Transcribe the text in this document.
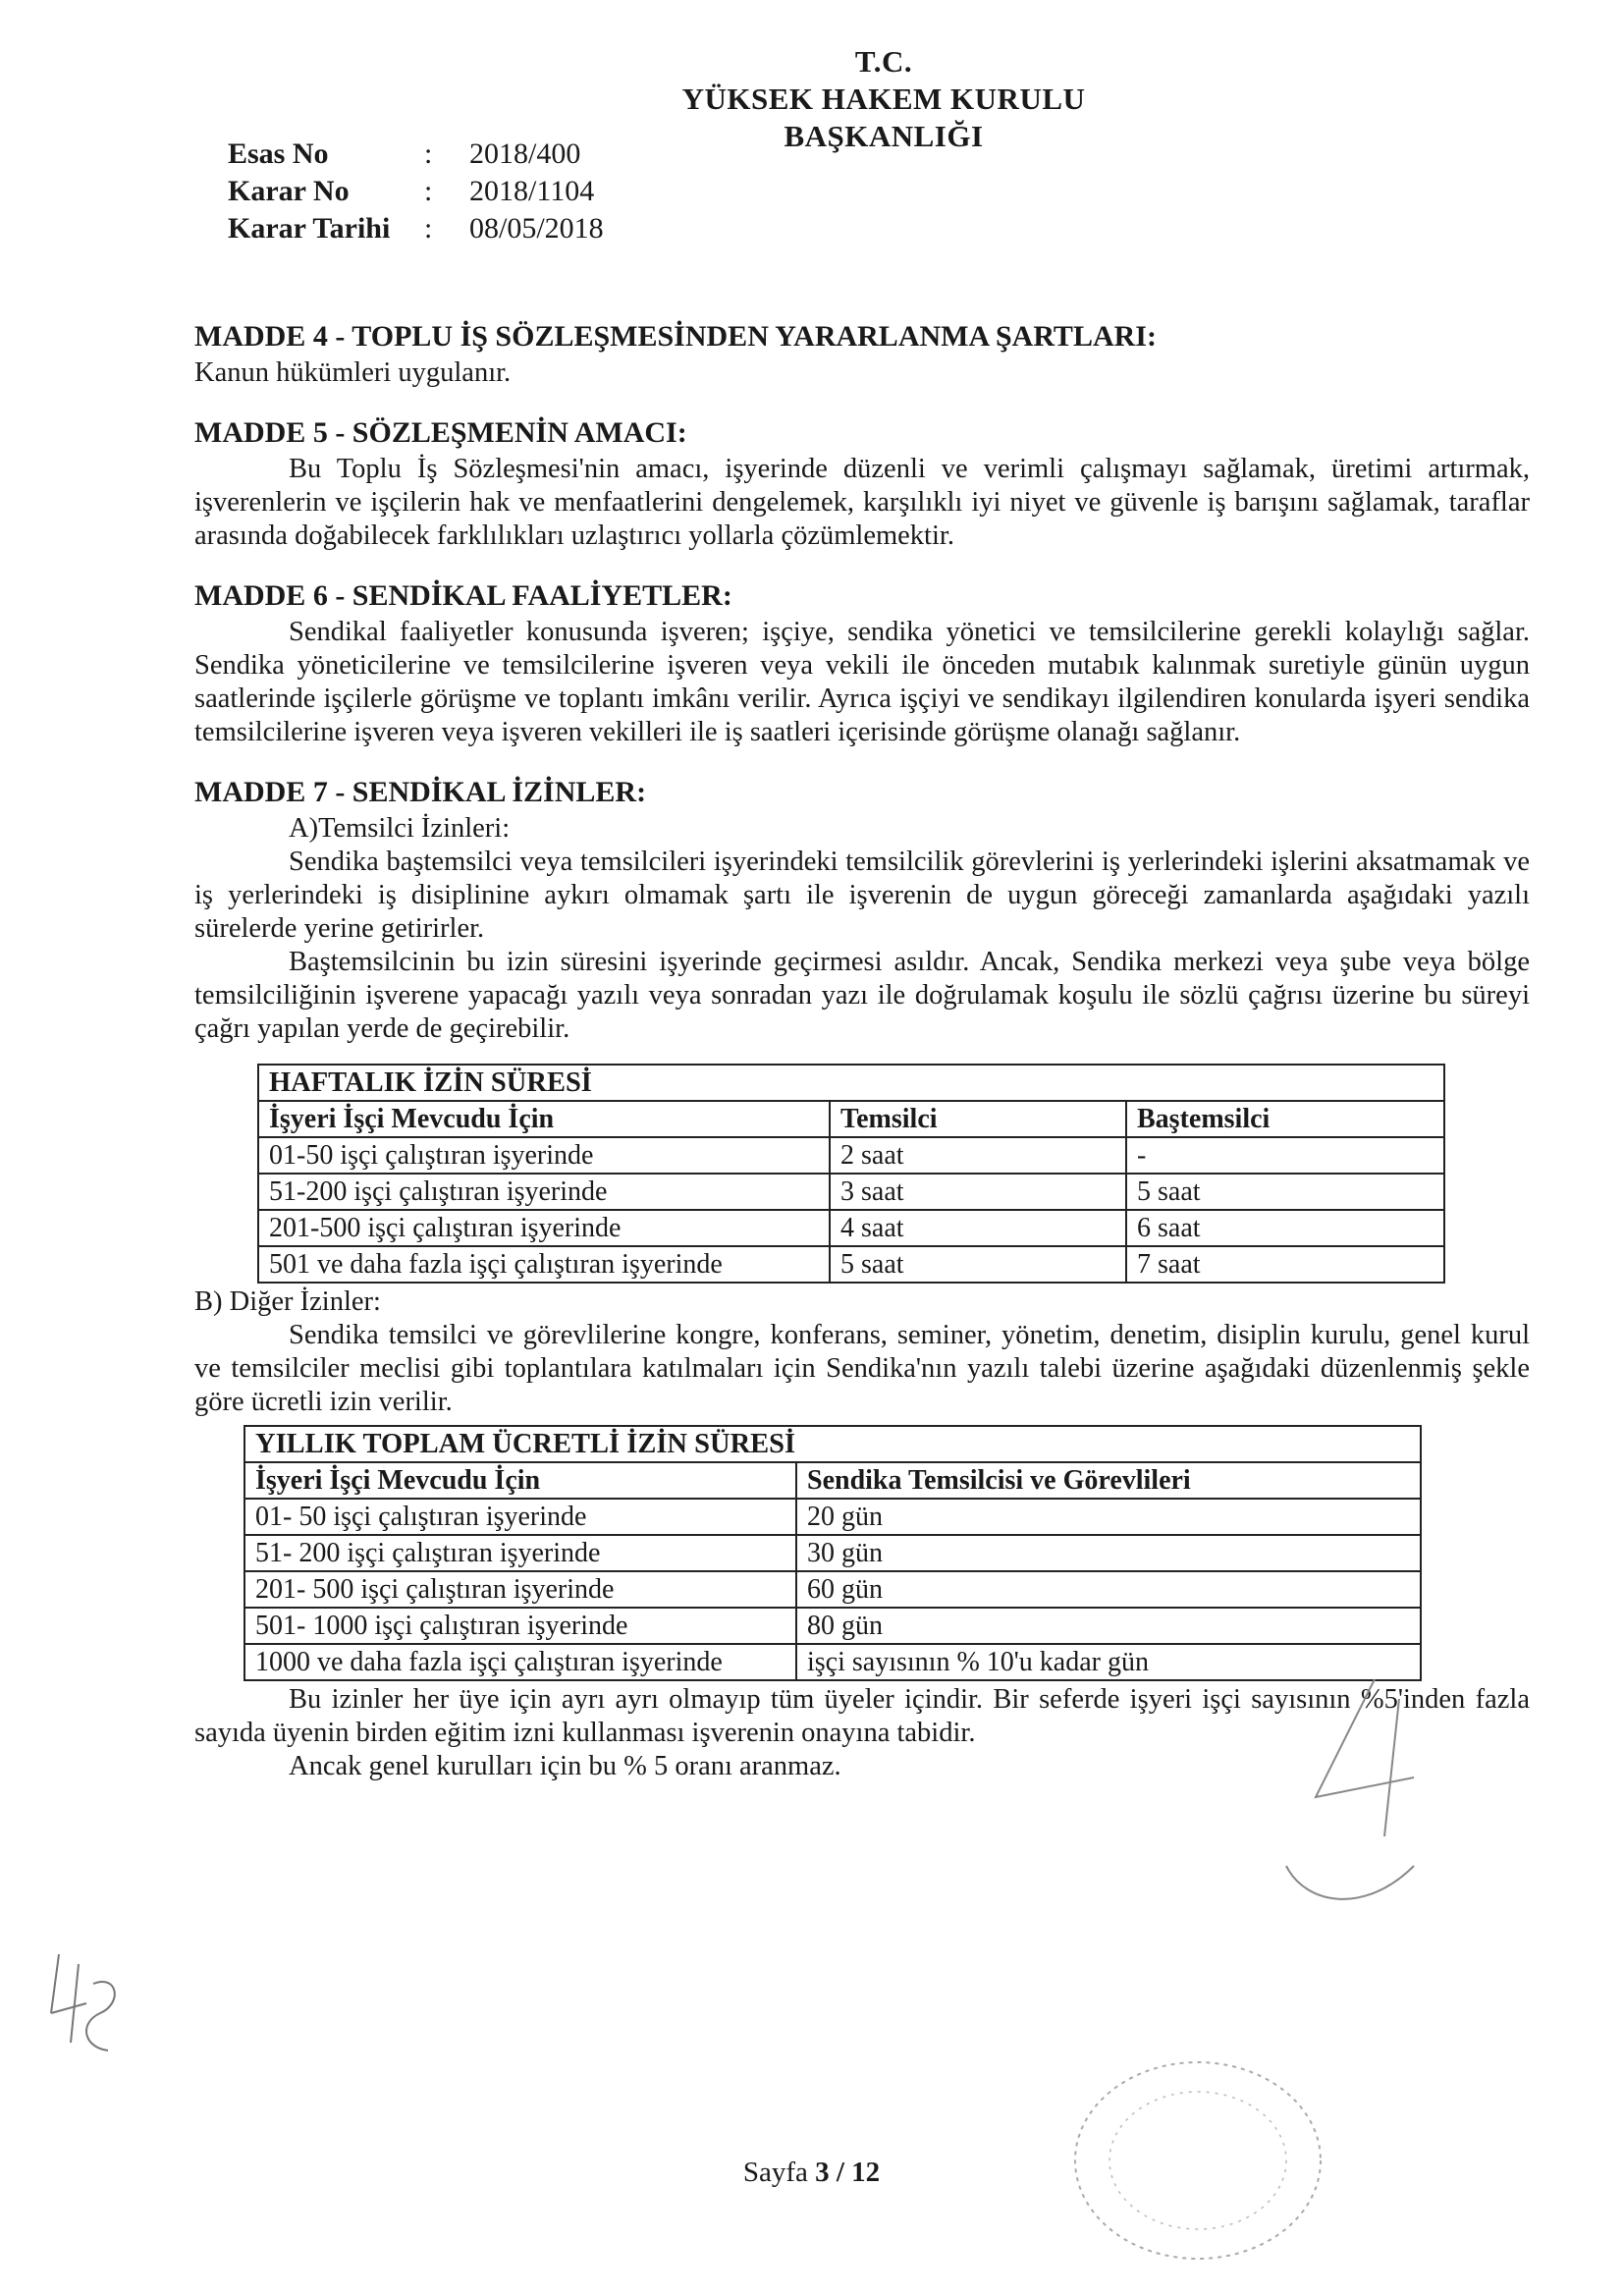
T.C.
YÜKSEK HAKEM KURULU
BAŞKANLIĞI
Esas No	:	2018/400
Karar No	:	2018/1104
Karar Tarihi	:	08/05/2018
MADDE 4 - TOPLU İŞ SÖZLEŞMESİNDEN YARARLANMA ŞARTLARI:

Kanun hükümleri uygulanır.

MADDE 5 - SÖZLEŞMENİN AMACI:

Bu Toplu İş Sözleşmesi'nin amacı, işyerinde düzenli ve verimli çalışmayı sağlamak, üretimi artırmak, işverenlerin ve işçilerin hak ve menfaatlerini dengelemek, karşılıklı iyi niyet ve güvenle iş barışını sağlamak, taraflar arasında doğabilecek farklılıkları uzlaştırıcı yollarla çözümlemektir.

MADDE 6 - SENDİKAL FAALİYETLER:

Sendikal faaliyetler konusunda işveren; işçiye, sendika yönetici ve temsilcilerine gerekli kolaylığı sağlar. Sendika yöneticilerine ve temsilcilerine işveren veya vekili ile önceden mutabık kalınmak suretiyle günün uygun saatlerinde işçilerle görüşme ve toplantı imkânı verilir. Ayrıca işçiyi ve sendikayı ilgilendiren konularda işyeri sendika temsilcilerine işveren veya işveren vekilleri ile iş saatleri içerisinde görüşme olanağı sağlanır.

MADDE 7 - SENDİKAL İZİNLER:

A)Temsilci İzinleri:

Sendika baştemsilci veya temsilcileri işyerindeki temsilcilik görevlerini iş yerlerindeki işlerini aksatmamak ve iş yerlerindeki iş disiplinine aykırı olmamak şartı ile işverenin de uygun göreceği zamanlarda aşağıdaki yazılı sürelerde yerine getirirler.

Baştemsilcinin bu izin süresini işyerinde geçirmesi asıldır. Ancak, Sendika merkezi veya şube veya bölge temsilciliğinin işverene yapacağı yazılı veya sonradan yazı ile doğrulamak koşulu ile sözlü çağrısı üzerine bu süreyi çağrı yapılan yerde de geçirebilir.

HAFTALIK İZİN SÜRESİ		
İşyeri İşçi Mevcudu İçin	Temsilci	Baştemsilci
01-50 işçi çalıştıran işyerinde	2 saat	-
51-200 işçi çalıştıran işyerinde	3 saat	5 saat
201-500 işçi çalıştıran işyerinde	4 saat	6 saat
501 ve daha fazla işçi çalıştıran işyerinde	5 saat	7 saat

B) Diğer İzinler:

Sendika temsilci ve görevlilerine kongre, konferans, seminer, yönetim, denetim, disiplin kurulu, genel kurul ve temsilciler meclisi gibi toplantılara katılmaları için Sendika'nın yazılı talebi üzerine aşağıdaki düzenlenmiş şekle göre ücretli izin verilir.

YILLIK TOPLAM ÜCRETLİ İZİN SÜRESİ	
İşyeri İşçi Mevcudu İçin	Sendika Temsilcisi ve Görevlileri
01- 50 işçi çalıştıran işyerinde	20 gün
51- 200 işçi çalıştıran işyerinde	30 gün
201- 500 işçi çalıştıran işyerinde	60 gün
501- 1000 işçi çalıştıran işyerinde	80 gün
1000 ve daha fazla işçi çalıştıran işyerinde	işçi sayısının % 10'u kadar gün

Bu izinler her üye için ayrı ayrı olmayıp tüm üyeler içindir. Bir seferde işyeri işçi sayısının %5'inden fazla sayıda üyenin birden eğitim izni kullanması işverenin onayına tabidir.

Ancak genel kurulları için bu % 5 oranı aranmaz.

Sayfa 3 / 12
